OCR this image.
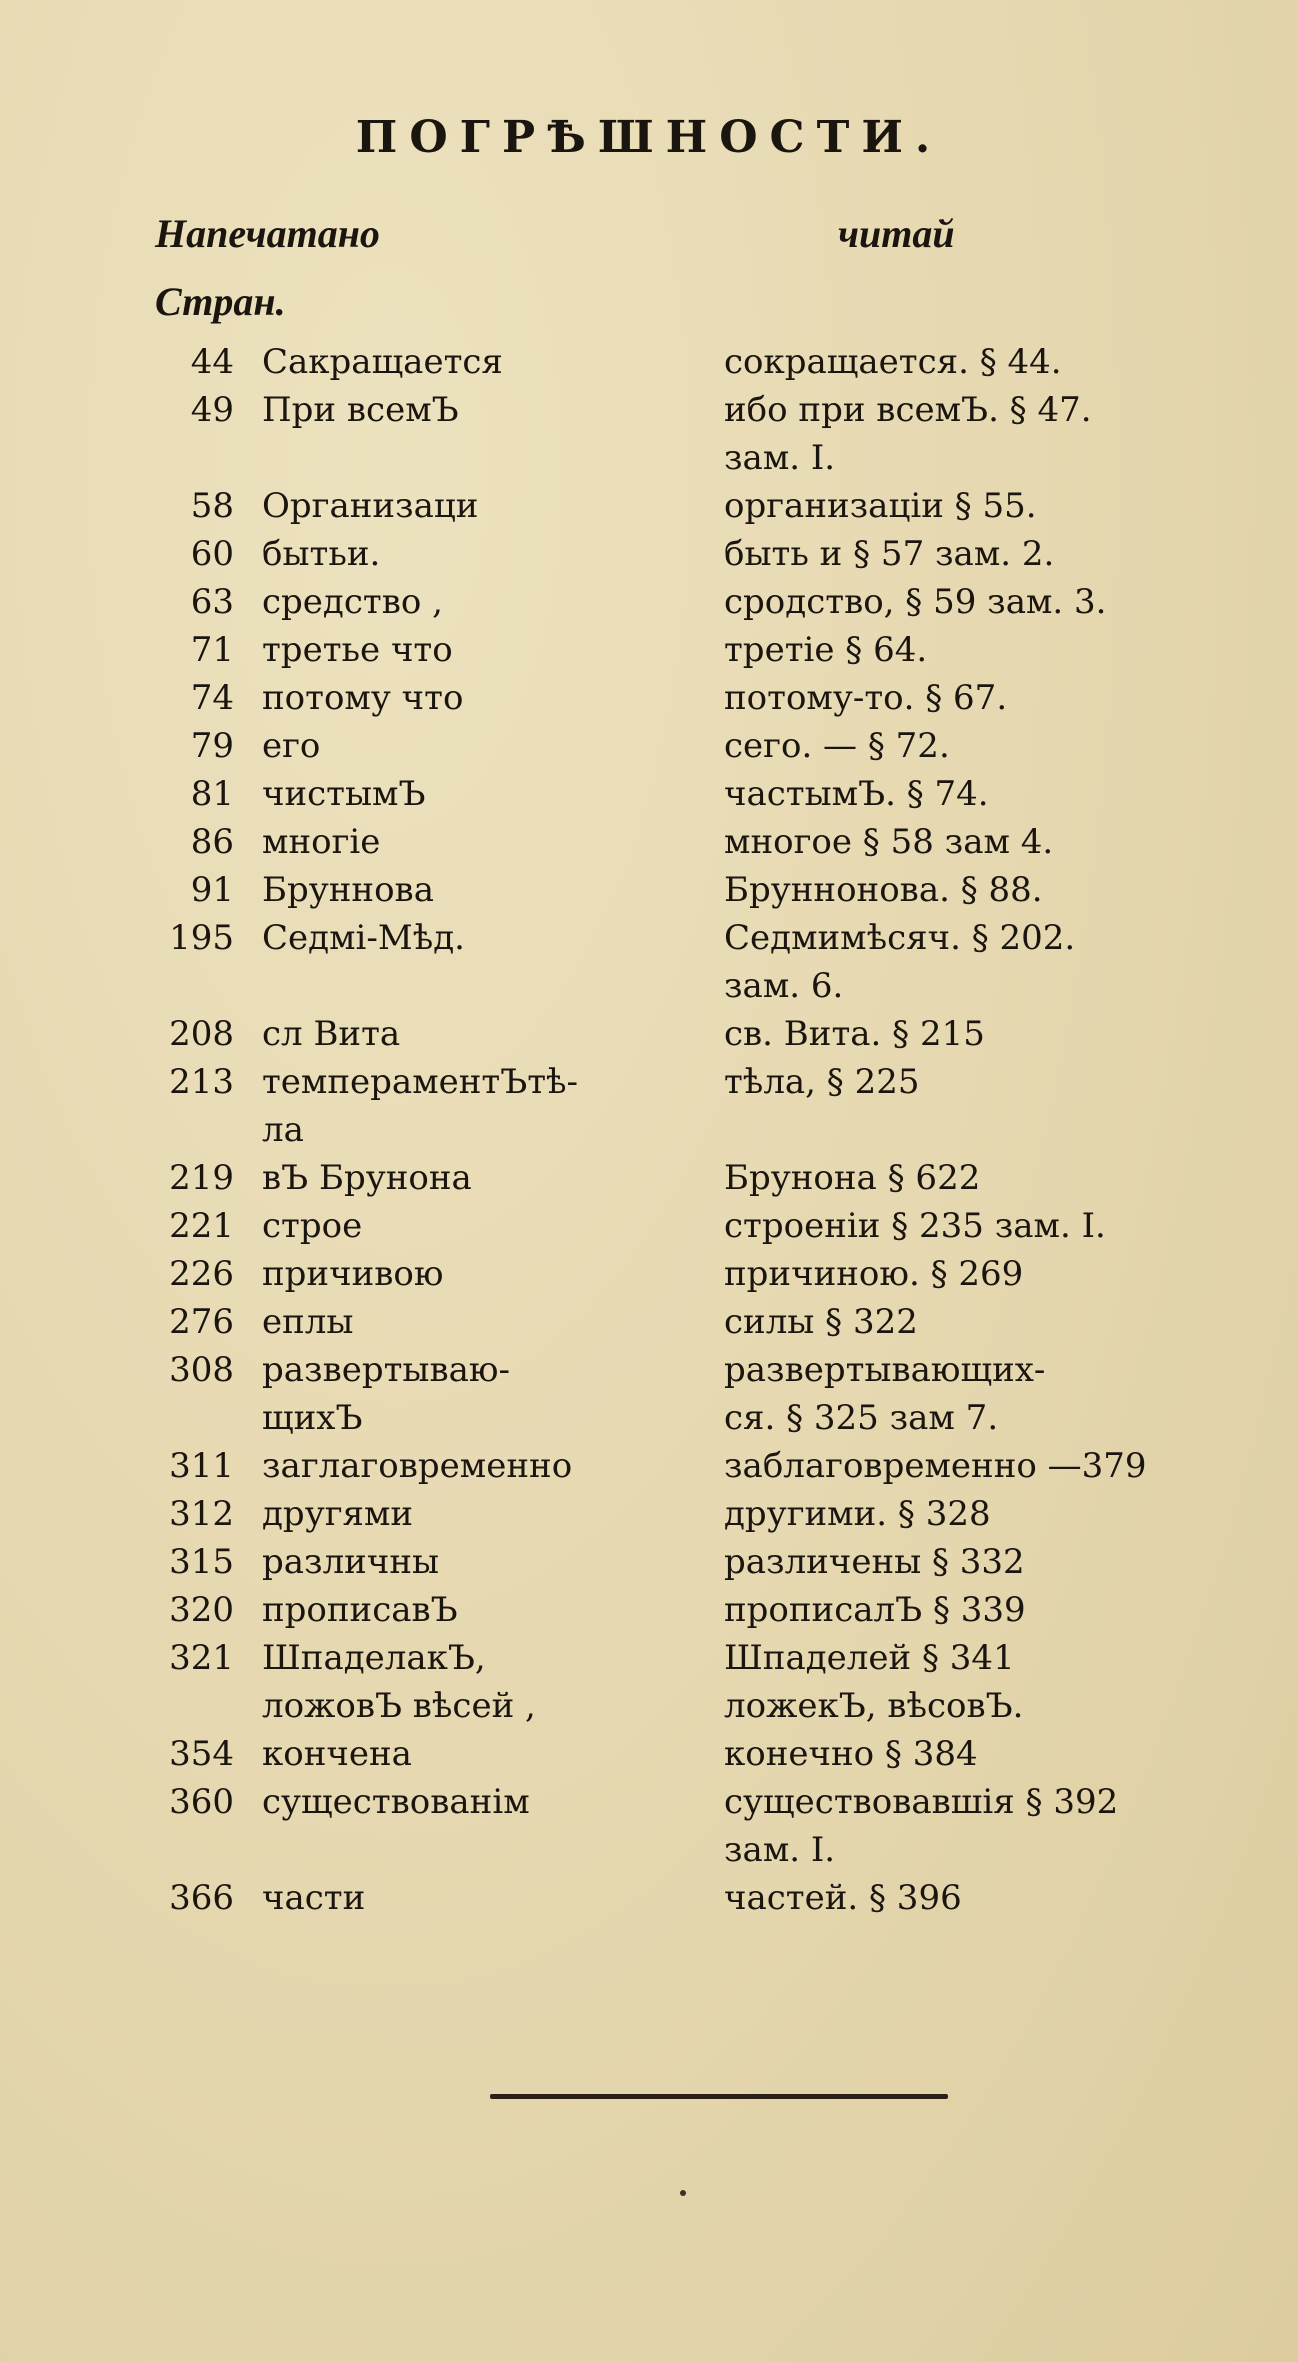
ПОГРѢШНОСТИ.
Напечатано	читай
Стран.
44 Сакращается	сокращается. § 44.
49 При всемЪ	ибо при всемЪ. § 47.
зам. I.
58 Организаци	организаціи § 55.
60 бытьи.	быть и § 57 зам. 2.
63 средство ,	сродство, § 59 зам. 3.
71 третье что	третіе § 64.
74 потому что	потому-то. § 67.
79 его	сего. — § 72.
81 чистымЪ	частымЪ. § 74.
86 многіе	многое § 58 зам 4.
91 Бруннова	Бруннонова. § 88.
195 Седмі-Мѣд.	Седмимѣсяч. § 202.
зам. 6.
208 сл Вита	св. Вита. § 215
213 темпераментЪтѣ-	тѣла, § 225
ла
219 вЪ Брунона	Брунона § 622
221 строе	строеніи § 235 зам. I.
226 причивою	причиною. § 269
276 еплы	силы § 322
308 развертываю-	развертывающих-
щихЪ	ся. § 325 зам 7.
311 заглаговременно	заблаговременно —379
312 другями	другими. § 328
315 различны	различены § 332
320 прописавЪ	прописалЪ § 339
321 ШпаделакЪ,	Шпаделей § 341
ложовЪ вѣсей ,	ложекЪ, вѣсовЪ.
354 кончена	конечно § 384
360 существованім	существовавшія § 392
зам. I.
366 части	частей. § 396
